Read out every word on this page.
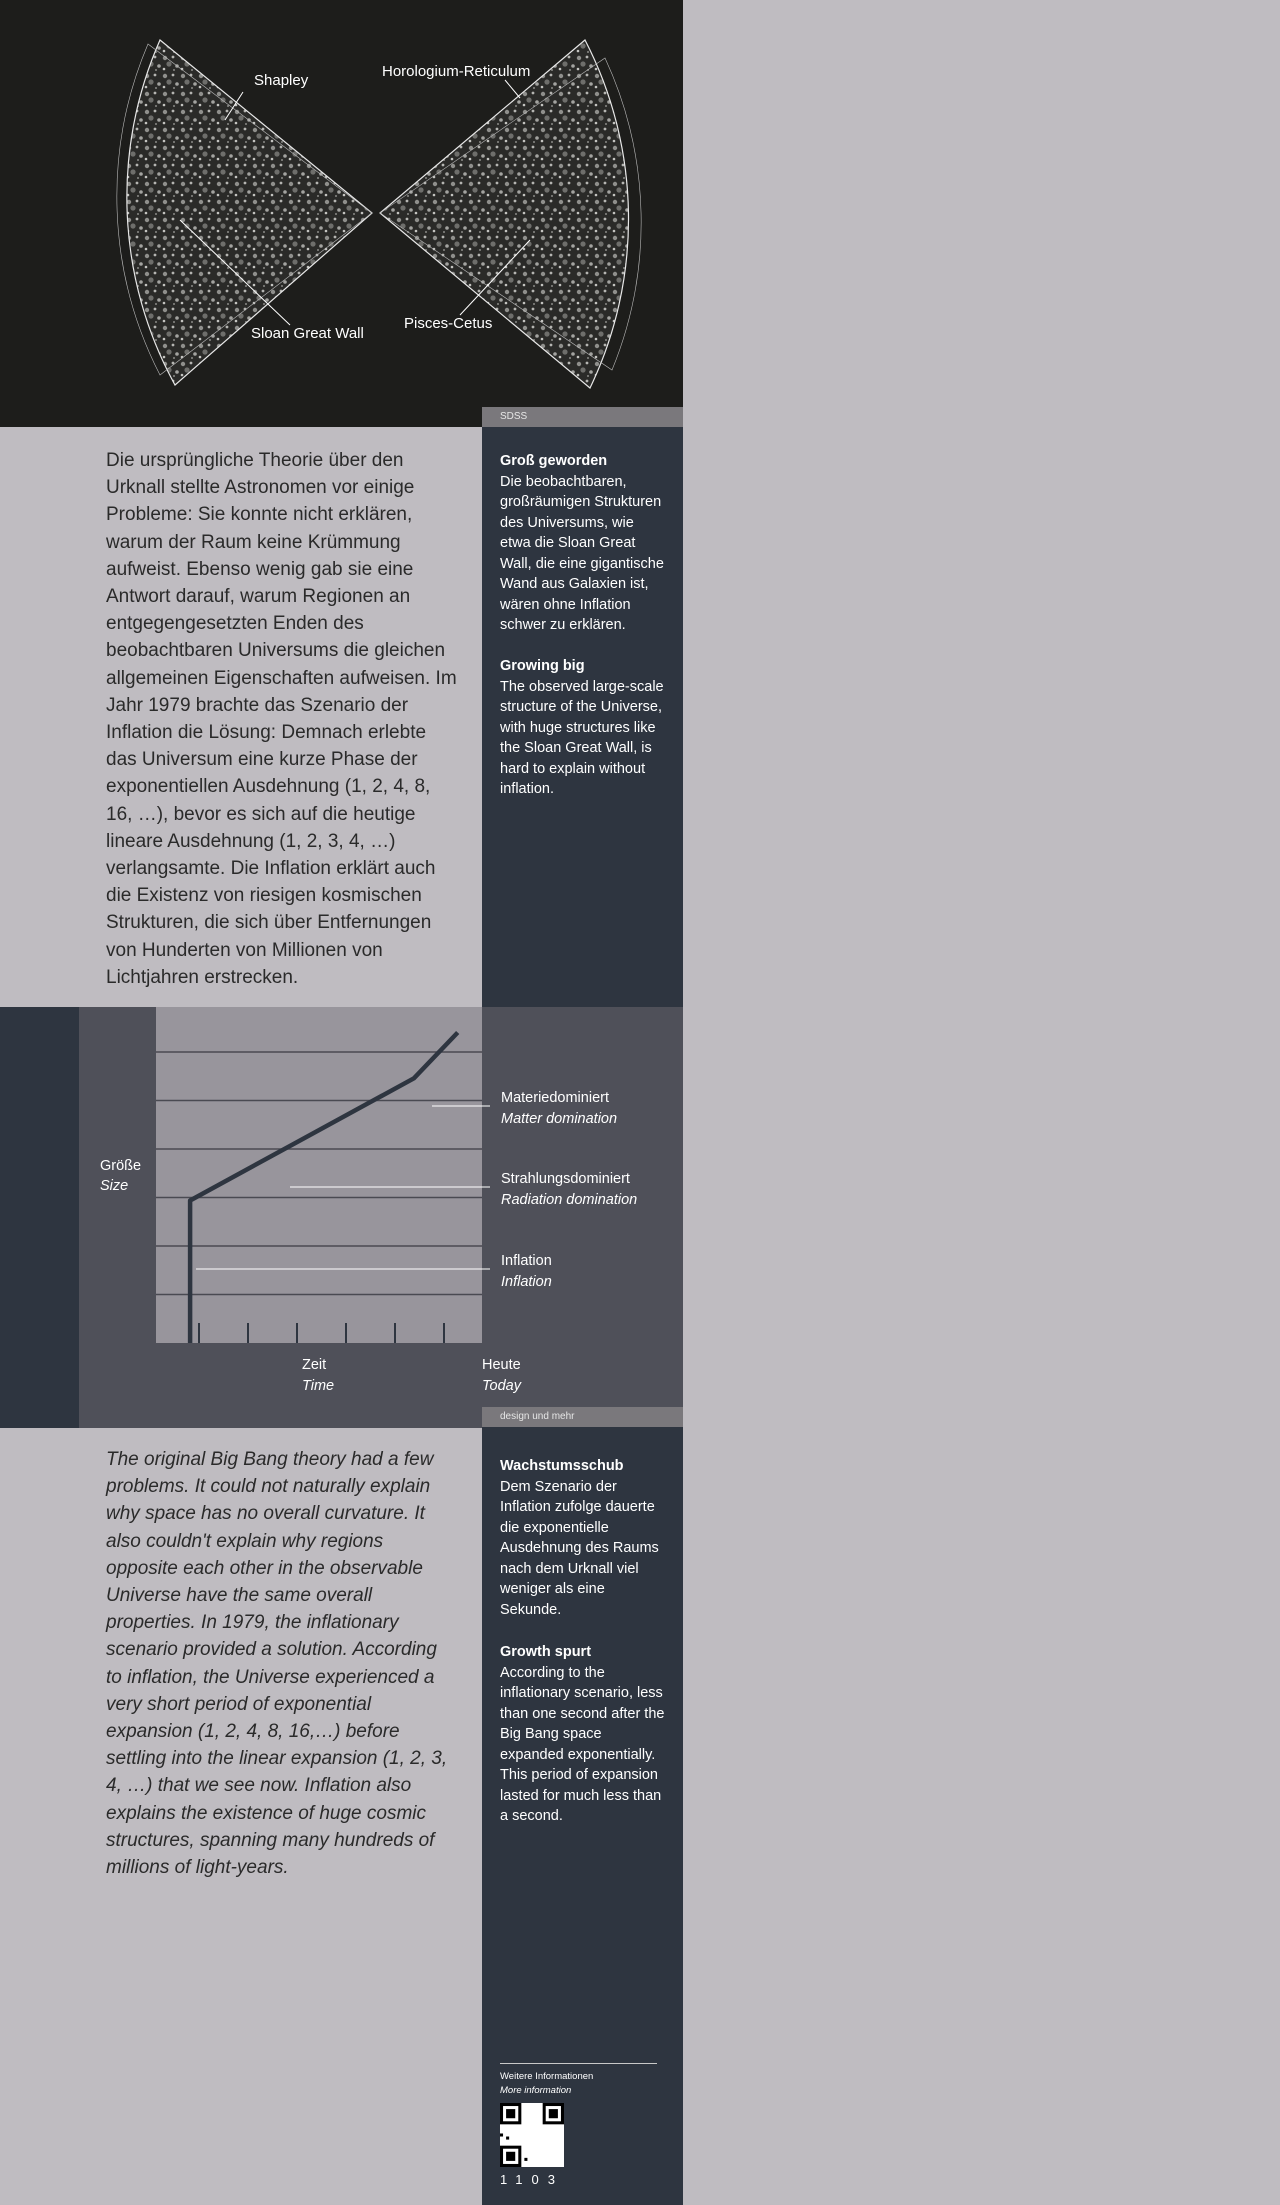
Shapley
Horologium-Reticulum
Sloan Great Wall
Pisces-Cetus
SDSS
Die ursprüngliche Theorie über den Urknall stellte Astronomen vor einige Probleme: Sie konnte nicht erklären, warum der Raum keine Krümmung aufweist. Ebenso wenig gab sie eine Antwort darauf, warum Regionen an entgegengesetzten Enden des beobachtbaren Universums die gleichen allgemeinen Eigenschaften aufweisen. Im Jahr 1979 brachte das Szenario der Inflation die Lösung: Demnach erlebte das Universum eine kurze Phase der exponentiellen Ausdehnung (1, 2, 4, 8, 16, …), bevor es sich auf die heutige lineare Ausdehnung (1, 2, 3, 4, …) verlangsamte. Die Inflation erklärt auch die Existenz von riesigen kosmischen Strukturen, die sich über Entfernungen von Hunderten von Millionen von Lichtjahren erstrecken.
Groß geworden
Die beobachtbaren, großräumigen Strukturen des Universums, wie etwa die Sloan Great Wall, die eine gigantische Wand aus Galaxien ist, wären ohne Inflation schwer zu erklären.
Growing big
The observed large-scale structure of the Universe, with huge structures like the Sloan Great Wall, is hard to explain without inflation.
Größe
Size
Zeit
Time
Heute
Today
Materiedominiert
Matter domination
Strahlungsdominiert
Radiation domination
Inflation
Inflation
design und mehr
The original Big Bang theory had a few problems. It could not naturally explain why space has no overall curvature. It also couldn't explain why regions opposite each other in the observable Universe have the same overall properties. In 1979, the inflationary scenario provided a solution. According to inflation, the Universe experienced a very short period of exponential expansion (1, 2, 4, 8, 16,…) before settling into the linear expansion (1, 2, 3, 4, …) that we see now. Inflation also explains the existence of huge cosmic structures, spanning many hundreds of millions of light-years.
Wachstumsschub
Dem Szenario der Inflation zufolge dauerte die exponentielle Ausdehnung des Raums nach dem Urknall viel weniger als eine Sekunde.
Growth spurt
According to the inflationary scenario, less than one second after the Big Bang space expanded exponentially. This period of expansion lasted for much less than a second.
Weitere Informationen
More information
1103
